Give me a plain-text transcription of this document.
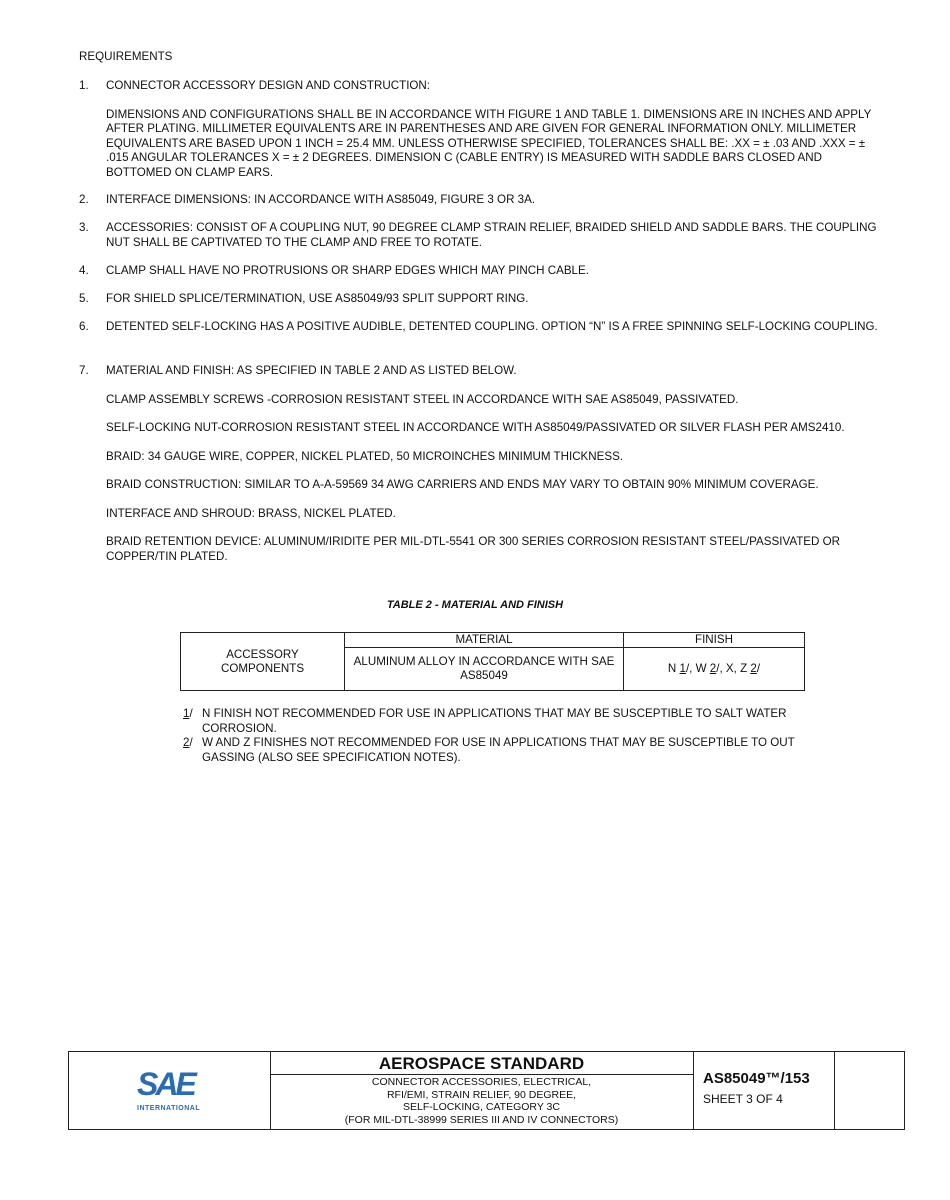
REQUIREMENTS
1. CONNECTOR ACCESSORY DESIGN AND CONSTRUCTION:

DIMENSIONS AND CONFIGURATIONS SHALL BE IN ACCORDANCE WITH FIGURE 1 AND TABLE 1. DIMENSIONS ARE IN INCHES AND APPLY AFTER PLATING. MILLIMETER EQUIVALENTS ARE IN PARENTHESES AND ARE GIVEN FOR GENERAL INFORMATION ONLY. MILLIMETER EQUIVALENTS ARE BASED UPON 1 INCH = 25.4 MM. UNLESS OTHERWISE SPECIFIED, TOLERANCES SHALL BE: .XX = ± .03 AND .XXX = ± .015 ANGULAR TOLERANCES X = ± 2 DEGREES. DIMENSION C (CABLE ENTRY) IS MEASURED WITH SADDLE BARS CLOSED AND BOTTOMED ON CLAMP EARS.

2. INTERFACE DIMENSIONS: IN ACCORDANCE WITH AS85049, FIGURE 3 OR 3A.

3. ACCESSORIES: CONSIST OF A COUPLING NUT, 90 DEGREE CLAMP STRAIN RELIEF, BRAIDED SHIELD AND SADDLE BARS. THE COUPLING NUT SHALL BE CAPTIVATED TO THE CLAMP AND FREE TO ROTATE.

4. CLAMP SHALL HAVE NO PROTRUSIONS OR SHARP EDGES WHICH MAY PINCH CABLE.

5. FOR SHIELD SPLICE/TERMINATION, USE AS85049/93 SPLIT SUPPORT RING.

6. DETENTED SELF-LOCKING HAS A POSITIVE AUDIBLE, DETENTED COUPLING. OPTION “N” IS A FREE SPINNING SELF-LOCKING COUPLING.

7. MATERIAL AND FINISH: AS SPECIFIED IN TABLE 2 AND AS LISTED BELOW.

CLAMP ASSEMBLY SCREWS -CORROSION RESISTANT STEEL IN ACCORDANCE WITH SAE AS85049, PASSIVATED.

SELF-LOCKING NUT-CORROSION RESISTANT STEEL IN ACCORDANCE WITH AS85049/PASSIVATED OR SILVER FLASH PER AMS2410.

BRAID: 34 GAUGE WIRE, COPPER, NICKEL PLATED, 50 MICROINCHES MINIMUM THICKNESS.

BRAID CONSTRUCTION: SIMILAR TO A-A-59569 34 AWG CARRIERS AND ENDS MAY VARY TO OBTAIN 90% MINIMUM COVERAGE.

INTERFACE AND SHROUD: BRASS, NICKEL PLATED.

BRAID RETENTION DEVICE: ALUMINUM/IRIDITE PER MIL-DTL-5541 OR 300 SERIES CORROSION RESISTANT STEEL/PASSIVATED OR COPPER/TIN PLATED.

TABLE 2 - MATERIAL AND FINISH
ACCESSORY COMPONENTS	MATERIAL	FINISH
	ALUMINUM ALLOY IN ACCORDANCE WITH SAE AS85049	N 1/, W 2/, X, Z 2/
1/ N FINISH NOT RECOMMENDED FOR USE IN APPLICATIONS THAT MAY BE SUSCEPTIBLE TO SALT WATER CORROSION.
2/ W AND Z FINISHES NOT RECOMMENDED FOR USE IN APPLICATIONS THAT MAY BE SUSCEPTIBLE TO OUT GASSING (ALSO SEE SPECIFICATION NOTES).
SAE
INTERNATIONAL
AEROSPACE STANDARD
CONNECTOR ACCESSORIES, ELECTRICAL,
RFI/EMI, STRAIN RELIEF, 90 DEGREE,
SELF-LOCKING, CATEGORY 3C
(FOR MIL-DTL-38999 SERIES III AND IV CONNECTORS)
AS85049™/153
SHEET 3 OF 4
